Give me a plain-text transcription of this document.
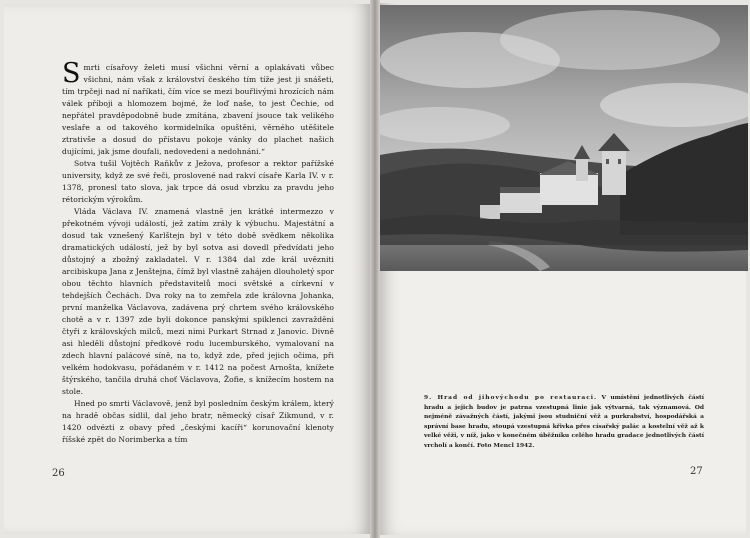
Smrti císařovy želeti musí všichni věrní a oplakávati vůbec všichni, nám však z království českého tím tíže jest ji snášeti, tím trpčeji nad ní naříkati, čím více se mezi bouřlivými hrozících nám válek příboji a hlomozem bojmé, že loď naše, to jest Čechie, od nepřátel pravděpodobně bude zmítána, zbavení jsouce tak velikého veslaře a od takového kormidelníka opuštěni, věrného utěšitele ztrativše a dosud do přístavu pokoje vánky do plachet našich dujícími, jak jsme doufali, nedovedeni a nedohnáni.“

Sotva tušil Vojtěch Raňkův z Ježova, profesor a rektor pařížské university, když ze své řeči, proslovené nad rakví císaře Karla IV. v r. 1378, pronesl tato slova, jak trpce dá osud vbrzku za pravdu jeho rétorickým výrokům.

Vláda Václava IV. znamená vlastně jen krátké intermezzo v překotném vývoji událostí, jež zatím zrály k výbuchu. Majestátní a dosud tak vznešený Karlštejn byl v této době svědkem několika dramatických událostí, jež by byl sotva asi dovedl předvídati jeho důstojný a zbožný zakladatel. V r. 1384 dal zde král uvězniti arcibiskupa Jana z Jenštejna, čímž byl vlastně zahájen dlouholetý spor obou těchto hlavních představitelů moci světské a církevní v tehdejších Čechách. Dva roky na to zemřela zde královna Johanka, první manželka Václavova, zadávena prý chrtem svého královského chotě a v r. 1397 zde byli dokonce panskými spiklenci zavražděni čtyři z královských milců, mezi nimi Purkart Strnad z Janovic. Divně asi hleděli důstojní předkové rodu lucemburského, vymalovaní na zdech hlavní palácové síně, na to, když zde, před jejich očima, při velkém hodokvasu, pořádaném v r. 1412 na počest Arnošta, knížete štýrského, tančila druhá choť Václavova, Žofie, s knížecím hostem na stole.

Hned po smrti Václavově, jenž byl posledním českým králem, který na hradě občas sídlil, dal jeho bratr, německý císař Zikmund, v r. 1420 odvézti z obavy před „českými kacíři“ korunovační klenoty říšské zpět do Norimberka a tím

26
9. Hrad od jihovýchodu po restauraci. V umístění jednotlivých částí hradu a jejich budov je patrna vzestupná linie jak výtvarná, tak významová. Od nejméně závažných částí, jakými jsou studniční věž a purkrabství, hospodářská a správní base hradu, stoupá vzestupná křivka přes císařský palác a kostelní věž až k velké věži, v níž, jako v konečném úběžníku celého hradu gradace jednotlivých částí vrcholí a končí. Foto Mencl 1942.
27
